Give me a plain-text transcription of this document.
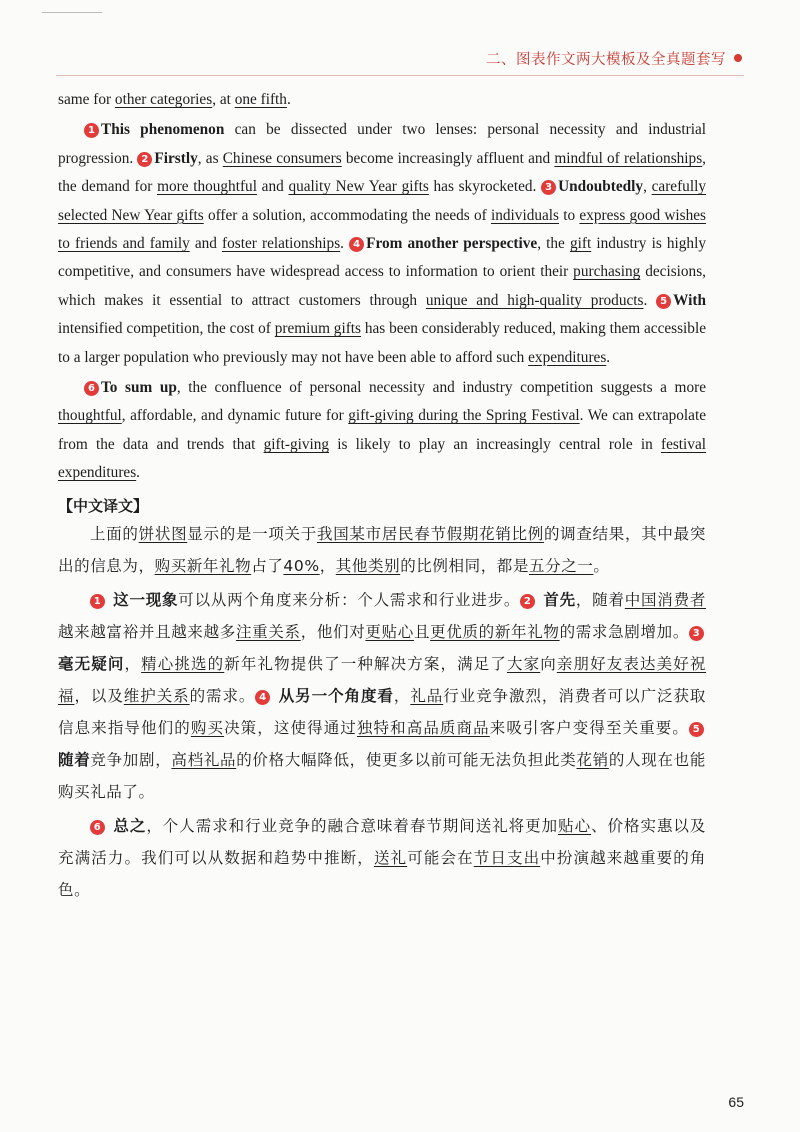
二、图表作文两大模板及全真题套写

same for other categories, at one fifth.

1 This phenomenon can be dissected under two lenses: personal necessity and industrial progression. 2 Firstly, as Chinese consumers become increasingly affluent and mindful of relationships, the demand for more thoughtful and quality New Year gifts has skyrocketed. 3 Undoubtedly, carefully selected New Year gifts offer a solution, accommodating the needs of individuals to express good wishes to friends and family and foster relationships. 4 From another perspective, the gift industry is highly competitive, and consumers have widespread access to information to orient their purchasing decisions, which makes it essential to attract customers through unique and high-quality products. 5 With intensified competition, the cost of premium gifts has been considerably reduced, making them accessible to a larger population who previously may not have been able to afford such expenditures.

6 To sum up, the confluence of personal necessity and industry competition suggests a more thoughtful, affordable, and dynamic future for gift-giving during the Spring Festival. We can extrapolate from the data and trends that gift-giving is likely to play an increasingly central role in festival expenditures.

【中文译文】

上面的饼状图显示的是一项关于我国某市居民春节假期花销比例的调查结果，其中最突出的信息为，购买新年礼物占了40%，其他类别的比例相同，都是五分之一。

1 这一现象可以从两个角度来分析：个人需求和行业进步。 2 首先，随着中国消费者越来越富裕并且越来越多注重关系，他们对更贴心且更优质的新年礼物的需求急剧增加。 3 毫无疑问，精心挑选的新年礼物提供了一种解决方案，满足了大家向亲朋好友表达美好祝福，以及维护关系的需求。 4 从另一个角度看，礼品行业竞争激烈，消费者可以广泛获取信息来指导他们的购买决策，这使得通过独特和高品质商品来吸引客户变得至关重要。 5 随着竞争加剧，高档礼品的价格大幅降低，使更多以前可能无法负担此类花销的人现在也能购买礼品了。

6 总之，个人需求和行业竞争的融合意味着春节期间送礼将更加贴心、价格实惠以及充满活力。我们可以从数据和趋势中推断，送礼可能会在节日支出中扮演越来越重要的角色。

65
